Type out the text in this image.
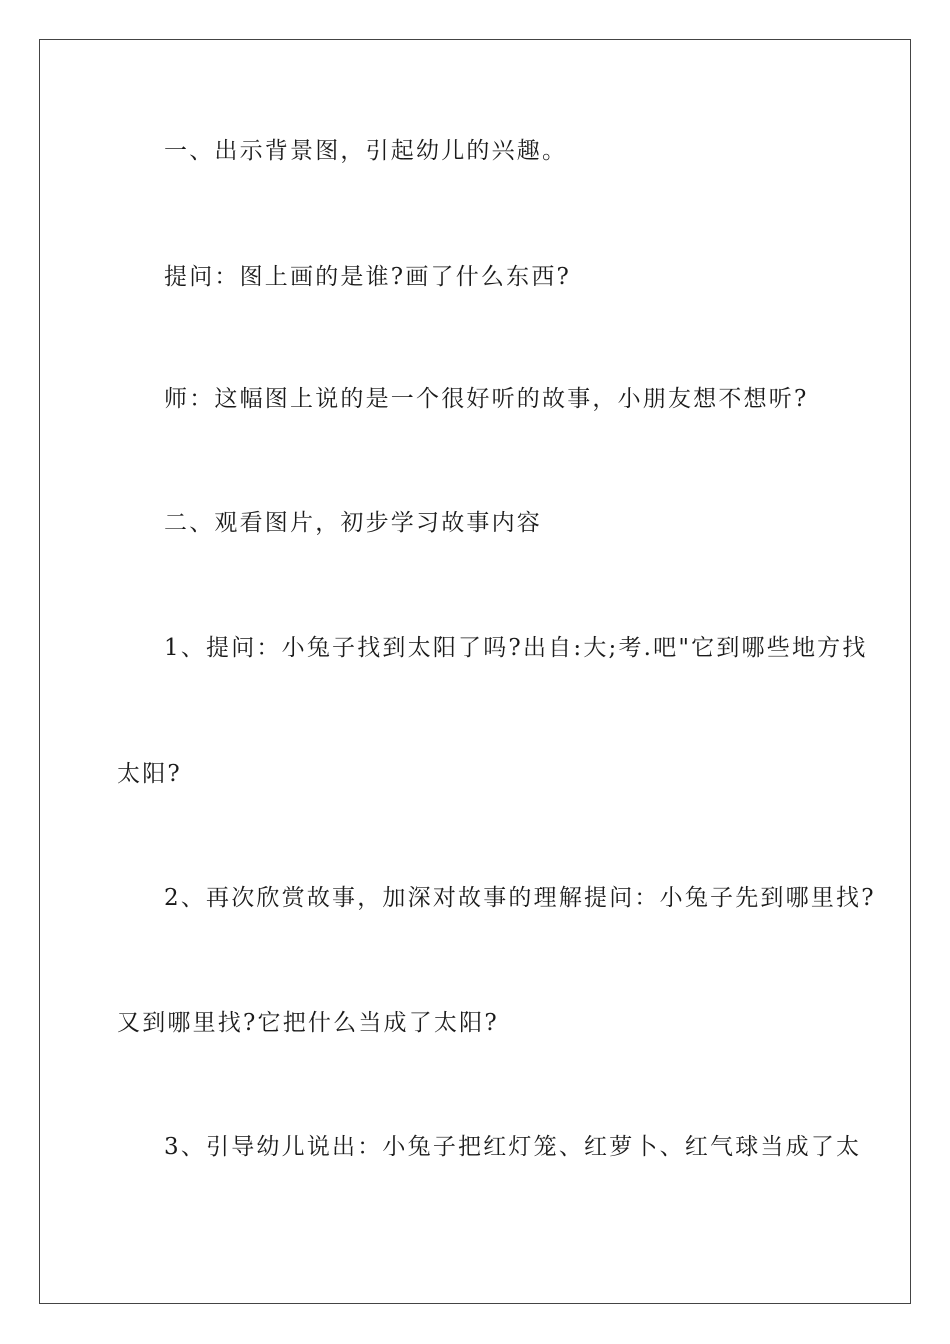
一、出示背景图，引起幼儿的兴趣。
提问：图上画的是谁?画了什么东西?
师：这幅图上说的是一个很好听的故事，小朋友想不想听?
二、观看图片，初步学习故事内容
1、提问：小兔子找到太阳了吗?出自:大;考.吧"它到哪些地方找
太阳?
2、再次欣赏故事，加深对故事的理解提问：小兔子先到哪里找?
又到哪里找?它把什么当成了太阳?
3、引导幼儿说出：小兔子把红灯笼、红萝卜、红气球当成了太
